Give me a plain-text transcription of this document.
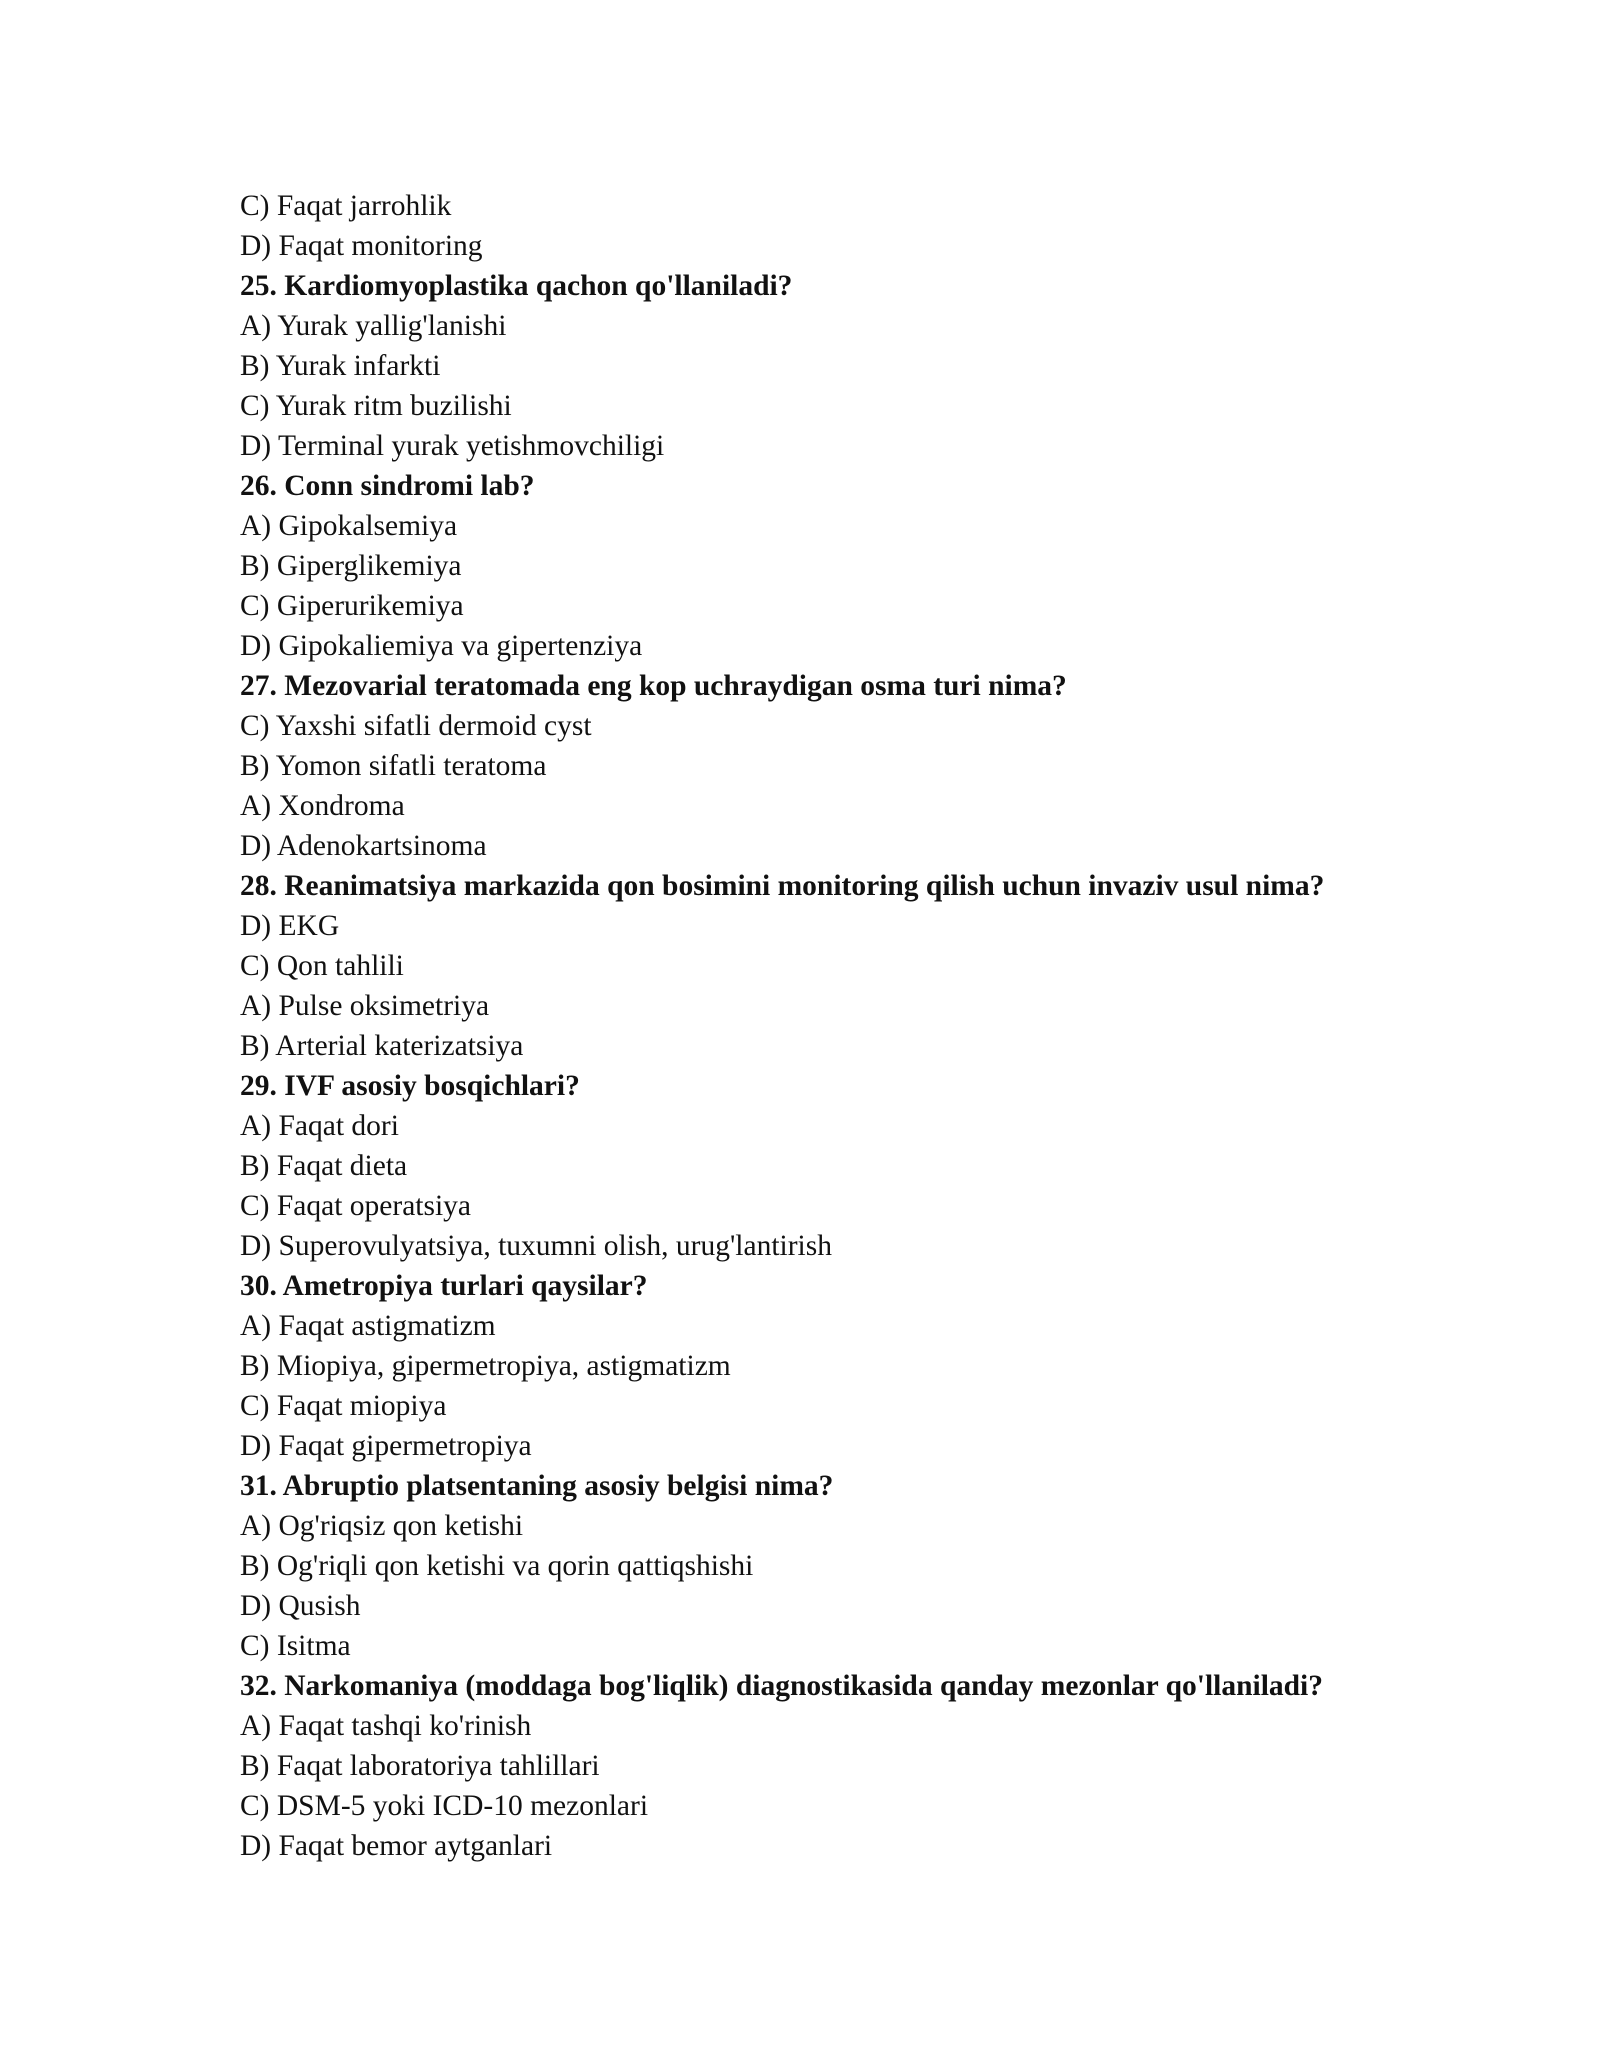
C) Faqat jarrohlik
D) Faqat monitoring
25. Kardiomyoplastika qachon qo'llaniladi?
A) Yurak yallig'lanishi
B) Yurak infarkti
C) Yurak ritm buzilishi
D) Terminal yurak yetishmovchiligi
26. Conn sindromi lab?
A) Gipokalsemiya
B) Giperglikemiya
C) Giperurikemiya
D) Gipokaliemiya va gipertenziya
27. Mezovarial teratomada eng kop uchraydigan osma turi nima?
C) Yaxshi sifatli dermoid cyst
B) Yomon sifatli teratoma
A) Xondroma
D) Adenokartsinoma
28. Reanimatsiya markazida qon bosimini monitoring qilish uchun invaziv usul nima?
D) EKG
C) Qon tahlili
A) Pulse oksimetriya
B) Arterial katerizatsiya
29. IVF asosiy bosqichlari?
A) Faqat dori
B) Faqat dieta
C) Faqat operatsiya
D) Superovulyatsiya, tuxumni olish, urug'lantirish
30. Ametropiya turlari qaysilar?
A) Faqat astigmatizm
B) Miopiya, gipermetropiya, astigmatizm
C) Faqat miopiya
D) Faqat gipermetropiya
31. Abruptio platsentaning asosiy belgisi nima?
A) Og'riqsiz qon ketishi
B) Og'riqli qon ketishi va qorin qattiqshishi
D) Qusish
C) Isitma
32. Narkomaniya (moddaga bog'liqlik) diagnostikasida qanday mezonlar qo'llaniladi?
A) Faqat tashqi ko'rinish
B) Faqat laboratoriya tahlillari
C) DSM-5 yoki ICD-10 mezonlari
D) Faqat bemor aytganlari
